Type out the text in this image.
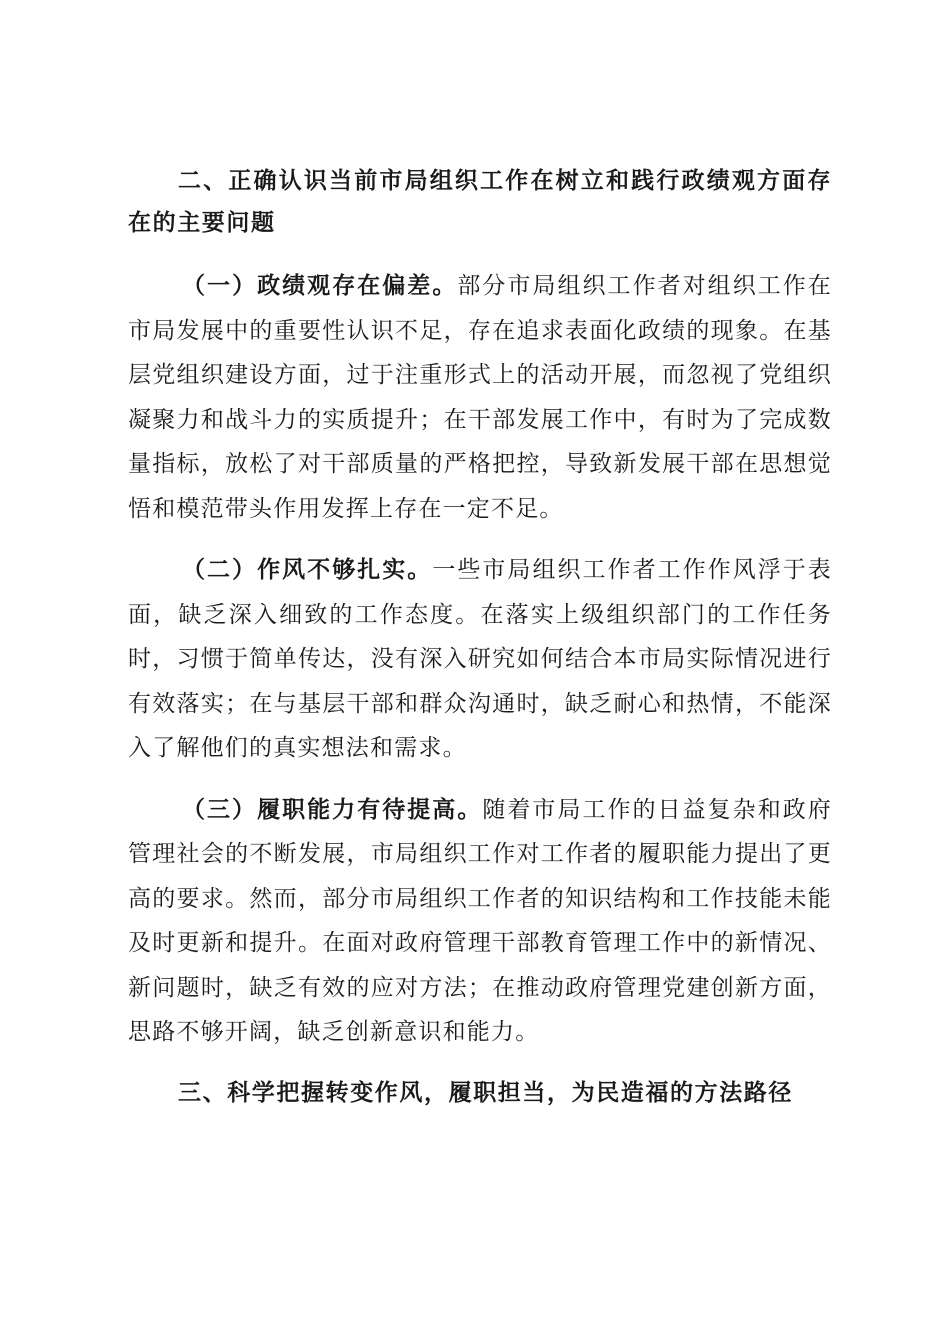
二、正确认识当前市局组织工作在树立和践行政绩观方面存在的主要问题

（一）政绩观存在偏差。部分市局组织工作者对组织工作在市局发展中的重要性认识不足，存在追求表面化政绩的现象。在基层党组织建设方面，过于注重形式上的活动开展，而忽视了党组织凝聚力和战斗力的实质提升；在干部发展工作中，有时为了完成数量指标，放松了对干部质量的严格把控，导致新发展干部在思想觉悟和模范带头作用发挥上存在一定不足。

（二）作风不够扎实。一些市局组织工作者工作作风浮于表面，缺乏深入细致的工作态度。在落实上级组织部门的工作任务时，习惯于简单传达，没有深入研究如何结合本市局实际情况进行有效落实；在与基层干部和群众沟通时，缺乏耐心和热情，不能深入了解他们的真实想法和需求。

（三）履职能力有待提高。随着市局工作的日益复杂和政府管理社会的不断发展，市局组织工作对工作者的履职能力提出了更高的要求。然而，部分市局组织工作者的知识结构和工作技能未能及时更新和提升。在面对政府管理干部教育管理工作中的新情况、新问题时，缺乏有效的应对方法；在推动政府管理党建创新方面，思路不够开阔，缺乏创新意识和能力。

三、科学把握转变作风，履职担当，为民造福的方法路径
